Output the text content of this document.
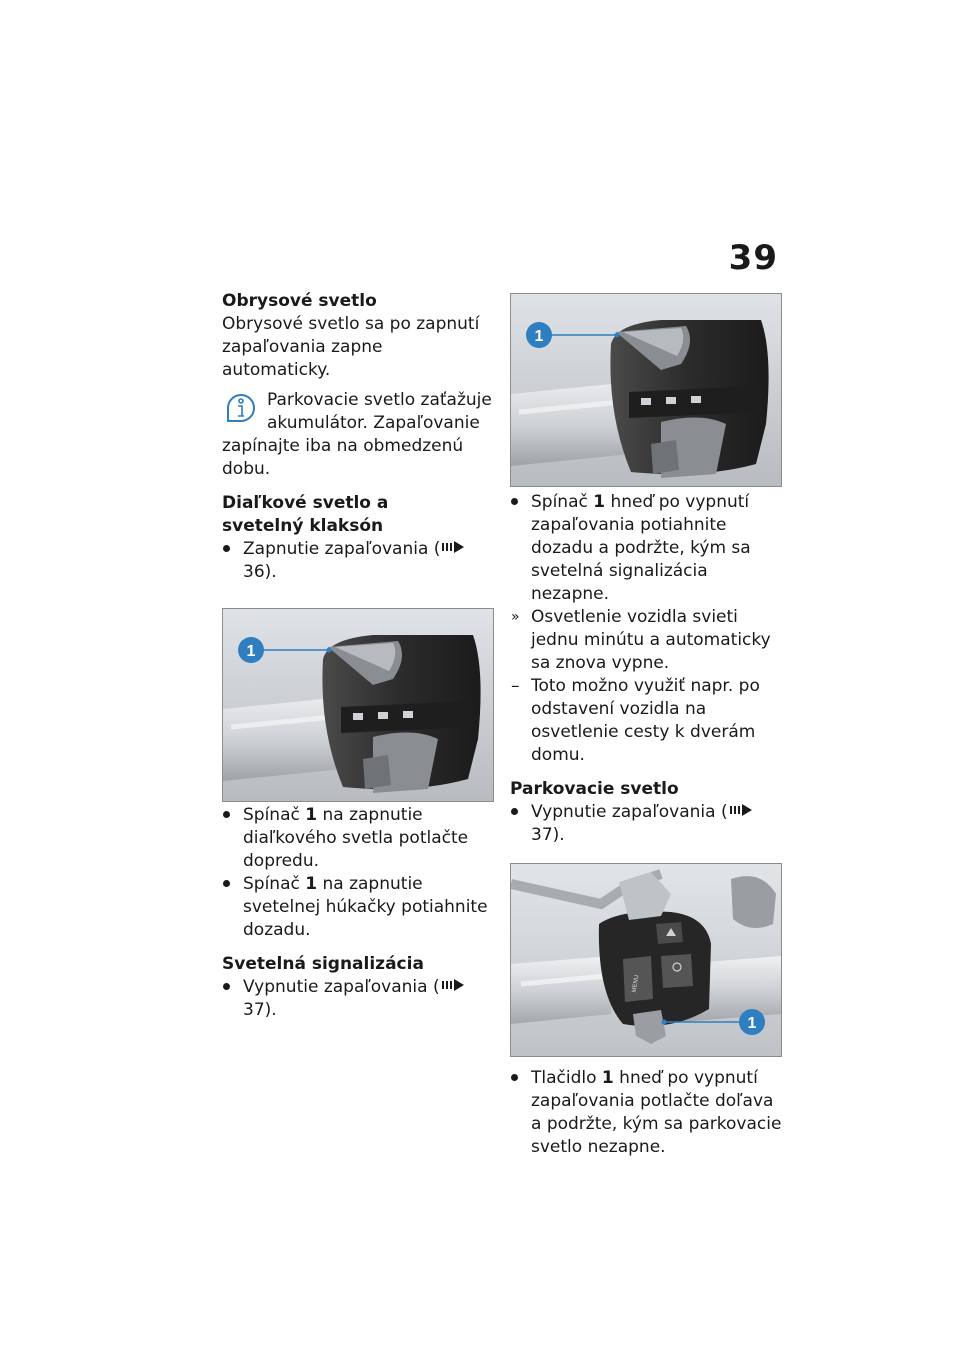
39

Obrysové svetlo

Obrysové svetlo sa po zapnutí zapaľovania zapne automaticky.

Parkovacie svetlo zaťažuje akumulátor. Zapaľovanie
zapínajte iba na obmedzenú dobu.

Diaľkové svetlo a svetelný klaksón

Zapnutie zapaľovania (36).
1
Spínač 1 na zapnutie diaľkového svetla potlačte dopredu.
Spínač 1 na zapnutie svetelnej húkačky potiahnite dozadu.

Svetelná signalizácia

Vypnutie zapaľovania (37).
1
Spínač 1 hneď po vypnutí zapaľovania potiahnite dozadu a podržte, kým sa svetelná signalizácia nezapne.
» Osvetlenie vozidla svieti jednu minútu a automaticky sa znova vypne.
– Toto možno využiť napr. po odstavení vozidla na osvetlenie cesty k dverám domu.

Parkovacie svetlo

Vypnutie zapaľovania (37).
MENU
1
Tlačidlo 1 hneď po vypnutí zapaľovania potlačte doľava a podržte, kým sa parkovacie svetlo nezapne.
